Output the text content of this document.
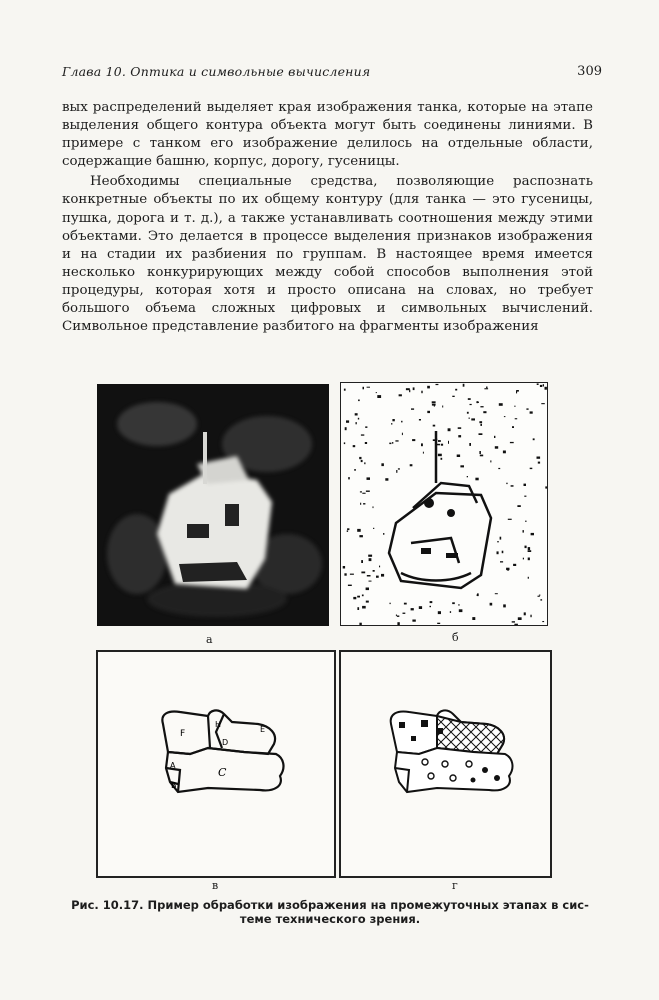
Глава 10. Оптика и символьные вычисления	309

вых распределений выделяет края изображения танка, которые на этапе выделения общего контура объекта могут быть соединены линиями. В примере с танком его изображение делилось на отдельные области, содержащие башню, корпус, дорогу, гусеницы.

Необходимы специальные средства, позволяющие распознать конкретные объекты по их общему контуру (для танка — это гусеницы, пушка, дорога и т. д.), а также устанавливать соотношения между этими объектами. Это делается в процессе выделения признаков изображения и на стадии их разбиения по группам. В настоящее время имеется несколько конкурирующих между собой способов выполнения этой процедуры, которая хотя и просто описана на словах, но требует большого объема сложных цифровых и символьных вычислений. Символьное представление разбитого на фрагменты изображения

а	б
F
H
D
E
C
A
B
в	г
Рис. 10.17. Пример обработки изображения на промежуточных этапах в сис-
теме технического зрения.
